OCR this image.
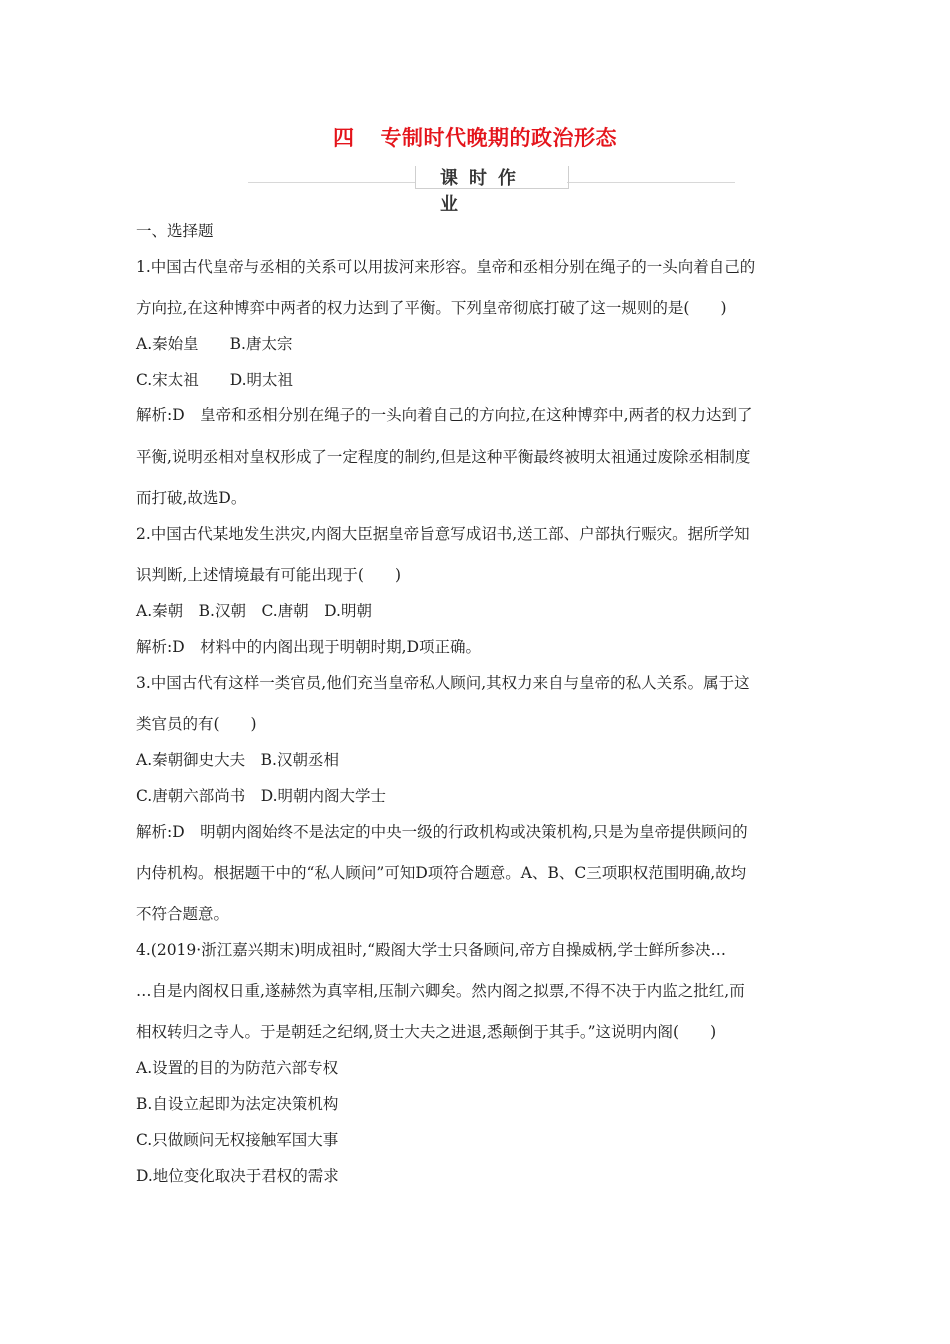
四 专制时代晚期的政治形态
课时作业
一、选择题
1.中国古代皇帝与丞相的关系可以用拔河来形容。皇帝和丞相分别在绳子的一头向着自己的
方向拉,在这种博弈中两者的权力达到了平衡。下列皇帝彻底打破了这一规则的是(　　)
A.秦始皇　　B.唐太宗
C.宋太祖　　D.明太祖
解析:D　皇帝和丞相分别在绳子的一头向着自己的方向拉,在这种博弈中,两者的权力达到了
平衡,说明丞相对皇权形成了一定程度的制约,但是这种平衡最终被明太祖通过废除丞相制度
而打破,故选D。
2.中国古代某地发生洪灾,内阁大臣据皇帝旨意写成诏书,送工部、户部执行赈灾。据所学知
识判断,上述情境最有可能出现于(　　)
A.秦朝　B.汉朝　C.唐朝　D.明朝
解析:D　材料中的内阁出现于明朝时期,D项正确。
3.中国古代有这样一类官员,他们充当皇帝私人顾问,其权力来自与皇帝的私人关系。属于这
类官员的有(　　)
A.秦朝御史大夫　B.汉朝丞相
C.唐朝六部尚书　D.明朝内阁大学士
解析:D　明朝内阁始终不是法定的中央一级的行政机构或决策机构,只是为皇帝提供顾问的
内侍机构。根据题干中的“私人顾问”可知D项符合题意。A、B、C三项职权范围明确,故均
不符合题意。
4.(2019·浙江嘉兴期末)明成祖时,“殿阁大学士只备顾问,帝方自操威柄,学士鲜所参决…
…自是内阁权日重,遂赫然为真宰相,压制六卿矣。然内阁之拟票,不得不决于内监之批红,而
相权转归之寺人。于是朝廷之纪纲,贤士大夫之进退,悉颠倒于其手。”这说明内阁(　　)
A.设置的目的为防范六部专权
B.自设立起即为法定决策机构
C.只做顾问无权接触军国大事
D.地位变化取决于君权的需求
